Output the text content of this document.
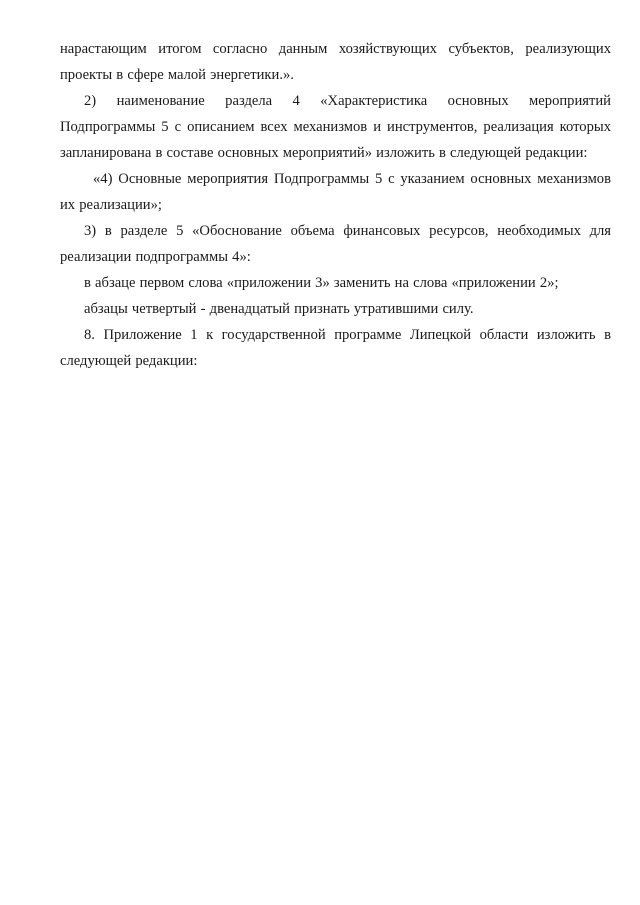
нарастающим итогом согласно данным хозяйствующих субъектов, реализующих проекты в сфере малой энергетики.».

2) наименование раздела 4 «Характеристика основных мероприятий Подпрограммы 5 с описанием всех механизмов и инструментов, реализация которых запланирована в составе основных мероприятий» изложить в следующей редакции:

«4) Основные мероприятия Подпрограммы 5 с указанием основных механизмов их реализации»;

3) в разделе 5 «Обоснование объема финансовых ресурсов, необходимых для реализации подпрограммы 4»:

в абзаце первом слова «приложении 3» заменить на слова «приложении 2»;

абзацы четвертый - двенадцатый признать утратившими силу.

8. Приложение 1 к государственной программе Липецкой области изложить в следующей редакции:
